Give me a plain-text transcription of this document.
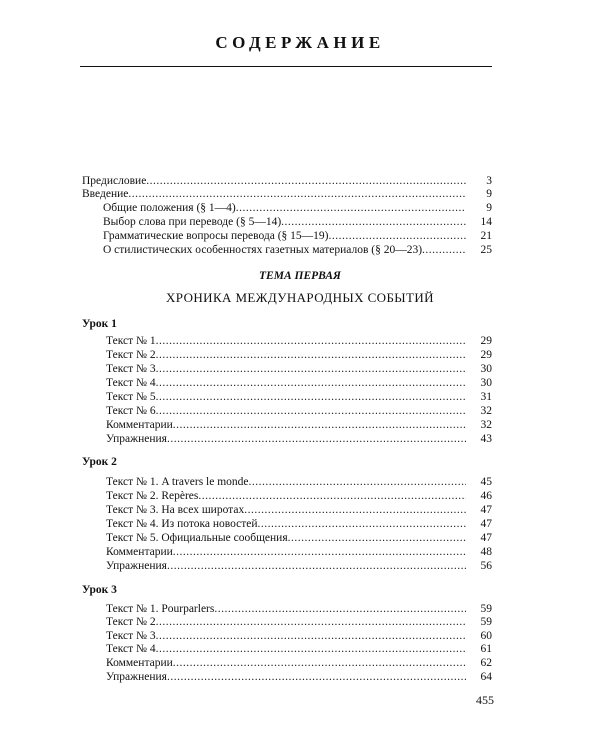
СОДЕРЖАНИЕ
Предисловие .....	3
Введение .....	9
Общие положения (§ 1—4) .....	9
Выбор слова при переводе (§ 5—14) .....	14
Грамматические вопросы перевода (§ 15—19) .....	21
О стилистических особенностях газетных материалов (§ 20—23) .....	25
ТЕМА ПЕРВАЯ
ХРОНИКА МЕЖДУНАРОДНЫХ СОБЫТИЙ
Урок 1
Текст № 1 .....	29
Текст № 2 .....	29
Текст № 3 .....	30
Текст № 4 .....	30
Текст № 5 .....	31
Текст № 6 .....	32
Комментарии .....	32
Упражнения .....	43
Урок 2
Текст № 1. A travers le monde .....	45
Текст № 2. Repères .....	46
Текст № 3. На всех широтах .....	47
Текст № 4. Из потока новостей .....	47
Текст № 5. Официальные сообщения .....	47
Комментарии .....	48
Упражнения .....	56
Урок 3
Текст № 1. Pourparlers .....	59
Текст № 2 .....	59
Текст № 3 .....	60
Текст № 4 .....	61
Комментарии .....	62
Упражнения .....	64
455
